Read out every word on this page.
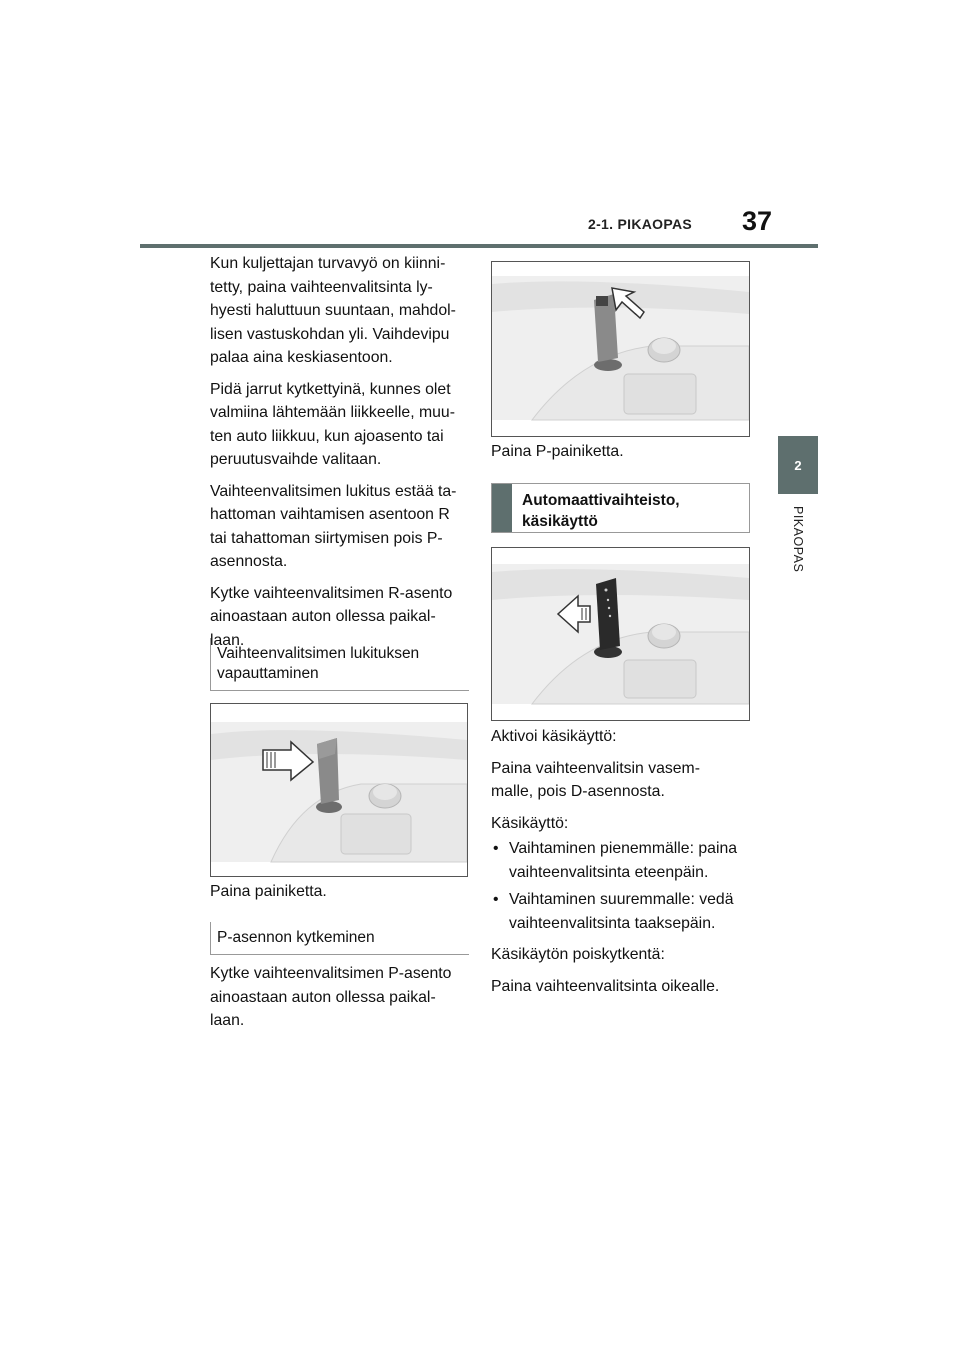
2-1. PIKAOPAS 37
2
PIKAOPAS

Kun kuljettajan turvavyö on kiinni-
tetty, paina vaihteenvalitsinta ly-
hyesti haluttuun suuntaan, mahdol-
lisen vastuskohdan yli. Vaihdevipu
palaa aina keskiasentoon.

Pidä jarrut kytkettyinä, kunnes olet
valmiina lähtemään liikkeelle, muu-
ten auto liikkuu, kun ajoasento tai
peruutusvaihde valitaan.

Vaihteenvalitsimen lukitus estää ta-
hattoman vaihtamisen asentoon R
tai tahattoman siirtymisen pois P-
asennosta.

Kytke vaihteenvalitsimen R-asento
ainoastaan auton ollessa paikal-
laan.

Vaihteenvalitsimen lukituksen
vapauttaminen
Paina painiketta.
P-asennon kytkeminen
Kytke vaihteenvalitsimen P-asento
ainoastaan auton ollessa paikal-
laan.
Paina P-painiketta.
Automaattivaihteisto,
käsikäyttö

Aktivoi käsikäyttö:

Paina vaihteenvalitsin vasem-
malle, pois D-asennosta.

Käsikäyttö:

• Vaihtaminen pienemmälle: paina
vaihteenvalitsinta eteenpäin.
• Vaihtaminen suuremmalle: vedä
vaihteenvalitsinta taaksepäin.

Käsikäytön poiskytkentä:

Paina vaihteenvalitsinta oikealle.
